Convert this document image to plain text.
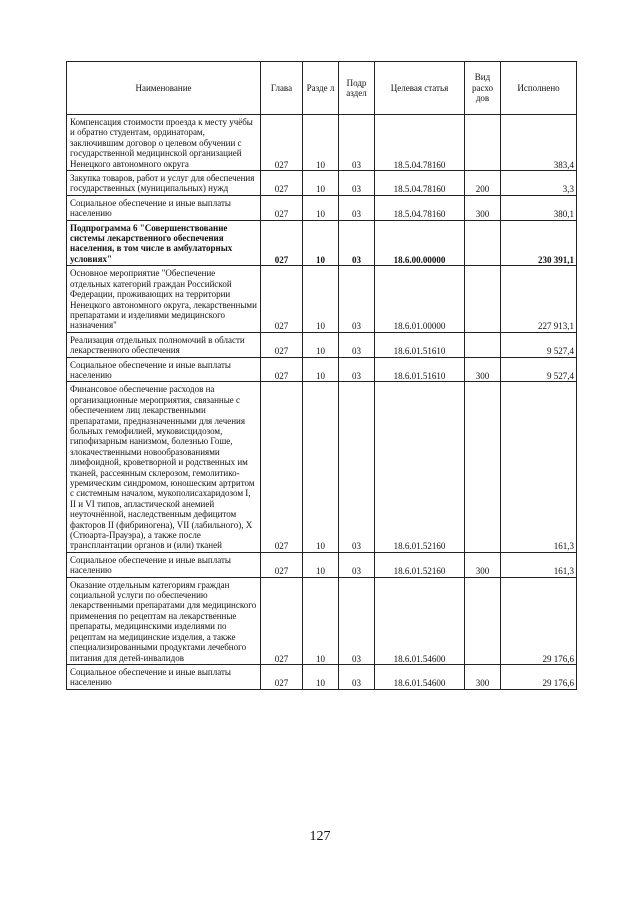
Наименование	Глава	Разде л	Подр аздел	Целевая статья	Вид расхо дов	Исполнено
Компенсация стоимости проезда к месту учёбы и обратно студентам, ординаторам, заключившим договор о целевом обучении с государственной медицинской организацией Ненецкого автономного округа	027	10	03	18.5.04.78160		383,4
Закупка товаров, работ и услуг для обеспечения государственных (муниципальных) нужд	027	10	03	18.5.04.78160	200	3,3
Социальное обеспечение и иные выплаты населению	027	10	03	18.5.04.78160	300	380,1
Подпрограмма 6 "Совершенствование системы лекарственного обеспечения населения, в том числе в амбулаторных условиях"	027	10	03	18.6.00.00000		230 391,1
Основное мероприятие "Обеспечение отдельных категорий граждан Российской Федерации, проживающих на территории Ненецкого автономного округа, лекарственными препаратами и изделиями медицинского назначения"	027	10	03	18.6.01.00000		227 913,1
Реализация отдельных полномочий в области лекарственного обеспечения	027	10	03	18.6.01.51610		9 527,4
Социальное обеспечение и иные выплаты населению	027	10	03	18.6.01.51610	300	9 527,4
Финансовое обеспечение расходов на организационные мероприятия, связанные с обеспечением лиц лекарственными препаратами, предназначенными для лечения больных гемофилией, муковисцидозом, гипофизарным нанизмом, болезнью Гоше, злокачественными новообразованиями лимфоидной, кроветворной и родственных им тканей, рассеянным склерозом, гемолитико-уремическим синдромом, юношеским артритом с системным началом, мукополисахаридозом I, II и VI типов, апластической анемией неуточнённой, наследственным дефицитом факторов II (фибриногена), VII (лабильного), X (Стюарта-Прауэра), а также после трансплантации органов и (или) тканей	027	10	03	18.6.01.52160		161,3
Социальное обеспечение и иные выплаты населению	027	10	03	18.6.01.52160	300	161,3
Оказание отдельным категориям граждан социальной услуги по обеспечению лекарственными препаратами для медицинского применения по рецептам на лекарственные препараты, медицинскими изделиями по рецептам на медицинские изделия, а также специализированными продуктами лечебного питания для детей-инвалидов	027	10	03	18.6.01.54600		29 176,6
Социальное обеспечение и иные выплаты населению	027	10	03	18.6.01.54600	300	29 176,6
127
